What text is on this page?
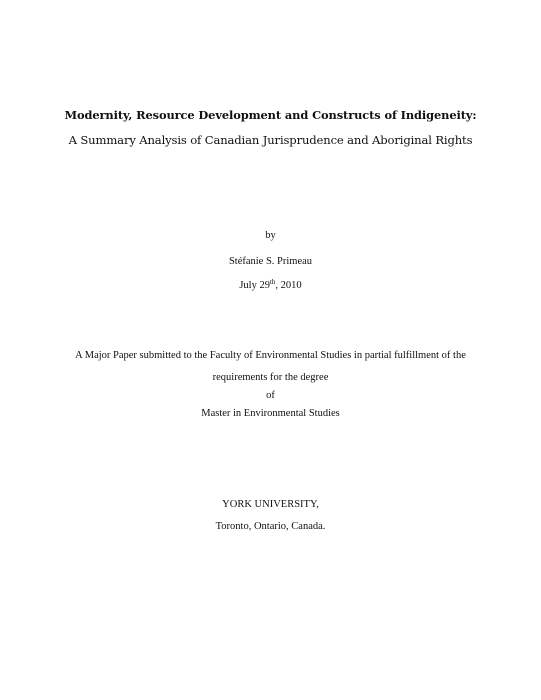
Modernity, Resource Development and Constructs of Indigeneity:
A Summary Analysis of Canadian Jurisprudence and Aboriginal Rights
by
Stéfanie S. Primeau
July 29th, 2010
A Major Paper submitted to the Faculty of Environmental Studies in partial fulfillment of the
requirements for the degree
of
Master in Environmental Studies
YORK UNIVERSITY,
Toronto, Ontario, Canada.
